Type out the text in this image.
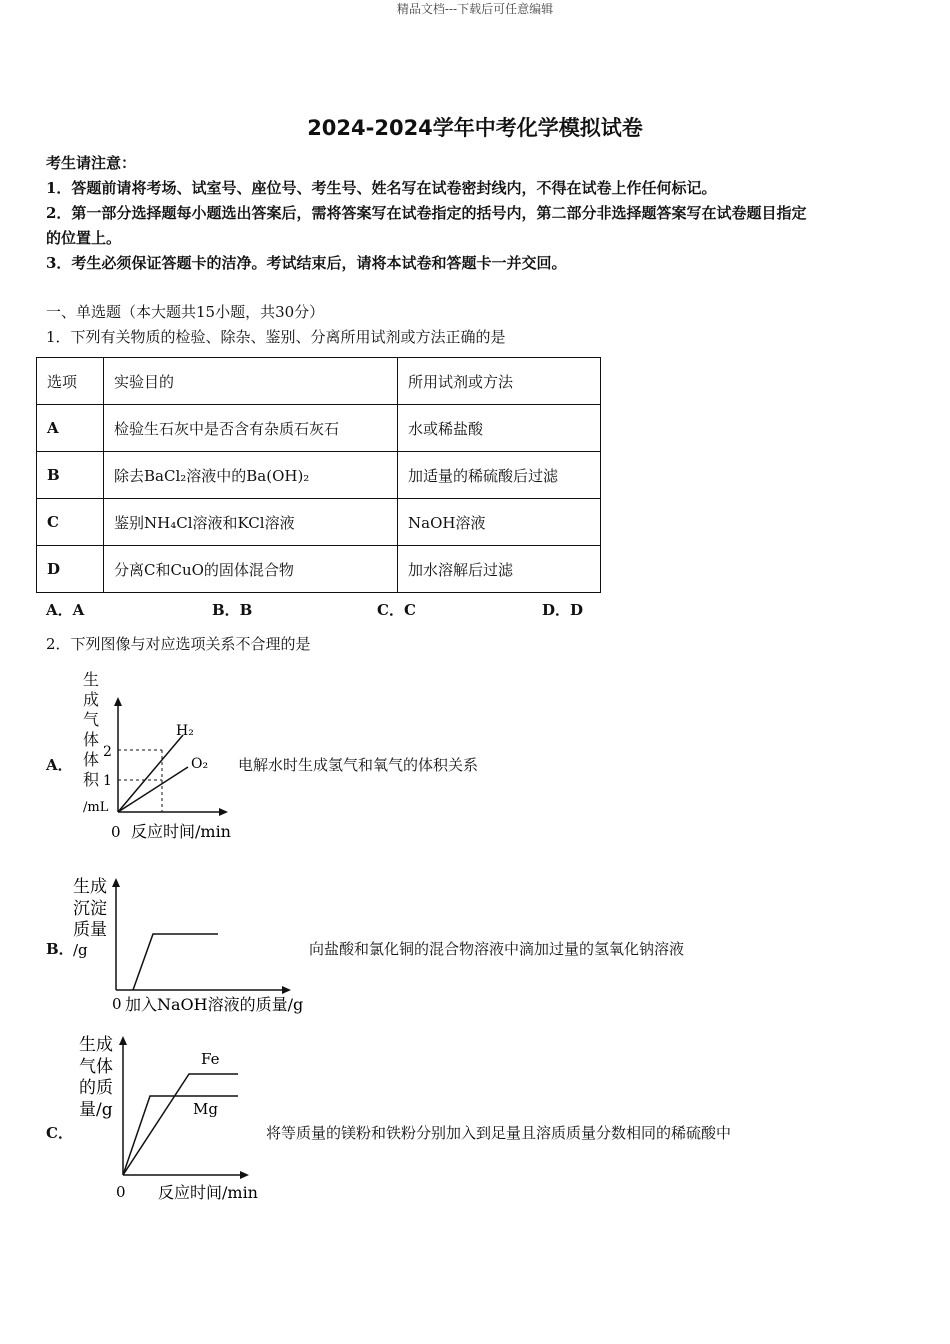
精品文档---下载后可任意编辑
2024-2024学年中考化学模拟试卷
考生请注意：
1．答题前请将考场、试室号、座位号、考生号、姓名写在试卷密封线内，不得在试卷上作任何标记。
2．第一部分选择题每小题选出答案后，需将答案写在试卷指定的括号内，第二部分非选择题答案写在试卷题目指定
的位置上。
3．考生必须保证答题卡的洁净。考试结束后，请将本试卷和答题卡一并交回。
一、单选题（本大题共15小题，共30分）
1．下列有关物质的检验、除杂、鉴别、分离所用试剂或方法正确的是
选项	实验目的	所用试剂或方法
A	检验生石灰中是否含有杂质石灰石	水或稀盐酸
B	除去BaCl₂溶液中的Ba(OH)₂	加适量的稀硫酸后过滤
C	鉴别NH₄Cl溶液和KCl溶液	NaOH溶液
D	分离C和CuO的固体混合物	加水溶解后过滤
A．A	B．B	C．C	D．D
2．下列图像与对应选项关系不合理的是
A．
生
成
气
体
体
积
/mL
2
1
H₂
O₂
0 反应时间/min
电解水时生成氢气和氧气的体积关系
B．
生成
沉淀
质量
/g
0 加入NaOH溶液的质量/g
向盐酸和氯化铜的混合物溶液中滴加过量的氢氧化钠溶液
C．
生成
气体
的质
量/g
Fe
Mg
0 反应时间/min
将等质量的镁粉和铁粉分别加入到足量且溶质质量分数相同的稀硫酸中
